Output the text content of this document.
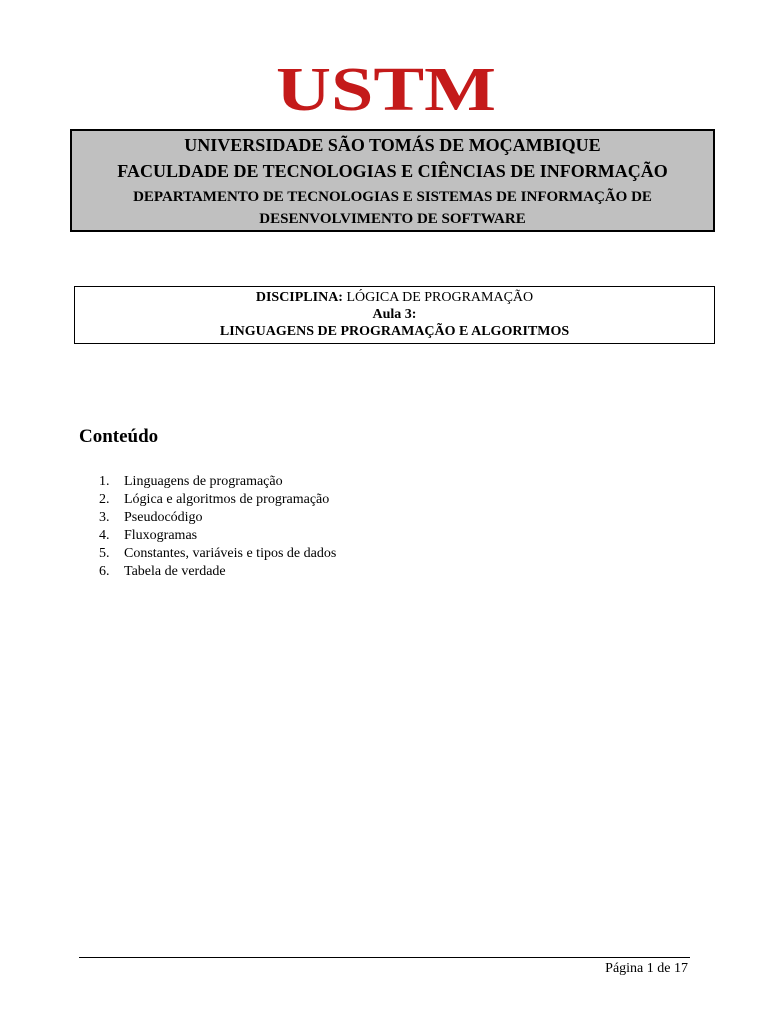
USTM
UNIVERSIDADE SÃO TOMÁS DE MOÇAMBIQUE
FACULDADE DE TECNOLOGIAS E CIÊNCIAS DE INFORMAÇÃO
DEPARTAMENTO DE TECNOLOGIAS E SISTEMAS DE INFORMAÇÃO DE
DESENVOLVIMENTO DE SOFTWARE
DISCIPLINA: LÓGICA DE PROGRAMAÇÃO
Aula 3:
LINGUAGENS DE PROGRAMAÇÃO E ALGORITMOS
Conteúdo
1.	Linguagens de programação
2.	Lógica e algoritmos de programação
3.	Pseudocódigo
4.	Fluxogramas
5.	Constantes, variáveis e tipos de dados
6.	Tabela de verdade
Página 1 de 17
